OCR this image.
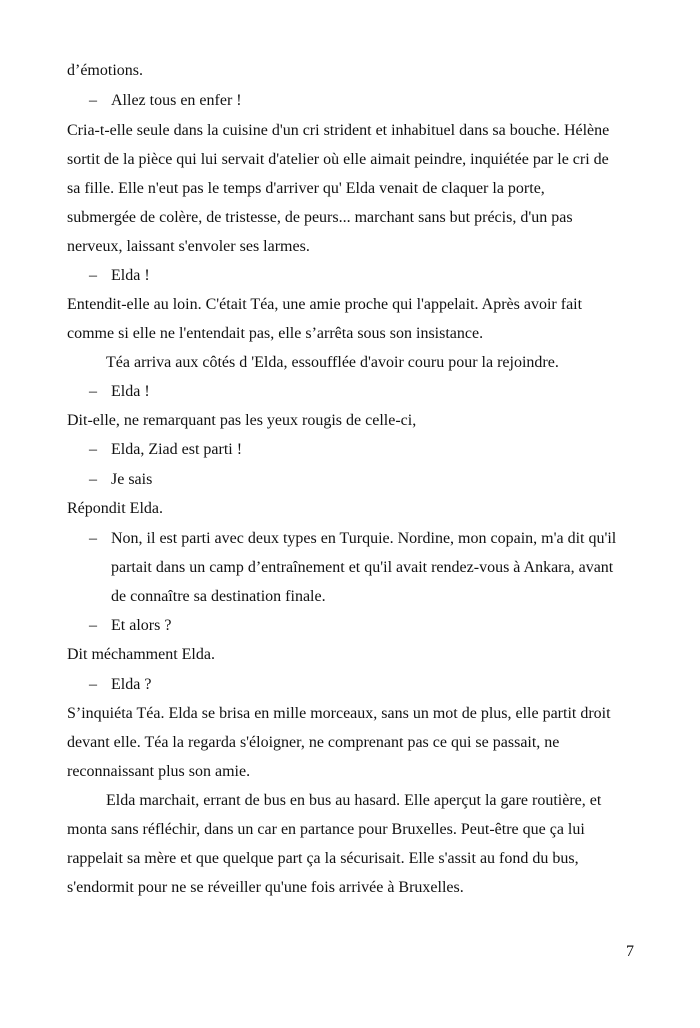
d’émotions.
– Allez tous en enfer !
Cria-t-elle seule dans la cuisine d'un cri strident et inhabituel dans sa bouche. Hélène
sortit de la pièce qui lui servait d'atelier où elle aimait peindre, inquiétée par le cri de
sa fille. Elle n'eut pas le temps d'arriver qu' Elda venait de claquer la porte,
submergée de colère, de tristesse, de peurs... marchant sans but précis, d'un pas
nerveux, laissant s'envoler ses larmes.
– Elda !
Entendit-elle au loin. C'était Téa, une amie proche qui l'appelait. Après avoir fait
comme si elle ne l'entendait pas, elle s’arrêta sous son insistance.
Téa arriva aux côtés d 'Elda, essoufflée d'avoir couru pour la rejoindre.
– Elda !
Dit-elle, ne remarquant pas les yeux rougis de celle-ci,
– Elda, Ziad est parti !
– Je sais
Répondit Elda.
– Non, il est parti avec deux types en Turquie. Nordine, mon copain, m'a dit qu'il
partait dans un camp d’entraînement et qu'il avait rendez-vous à Ankara, avant
de connaître sa destination finale.
– Et alors ?
Dit méchamment Elda.
– Elda ?
S’inquiéta Téa. Elda se brisa en mille morceaux, sans un mot de plus, elle partit droit
devant elle. Téa la regarda s'éloigner, ne comprenant pas ce qui se passait, ne
reconnaissant plus son amie.
Elda marchait, errant de bus en bus au hasard. Elle aperçut la gare routière, et
monta sans réfléchir, dans un car en partance pour Bruxelles. Peut-être que ça lui
rappelait sa mère et que quelque part ça la sécurisait. Elle s'assit au fond du bus,
s'endormit pour ne se réveiller qu'une fois arrivée à Bruxelles.
7
